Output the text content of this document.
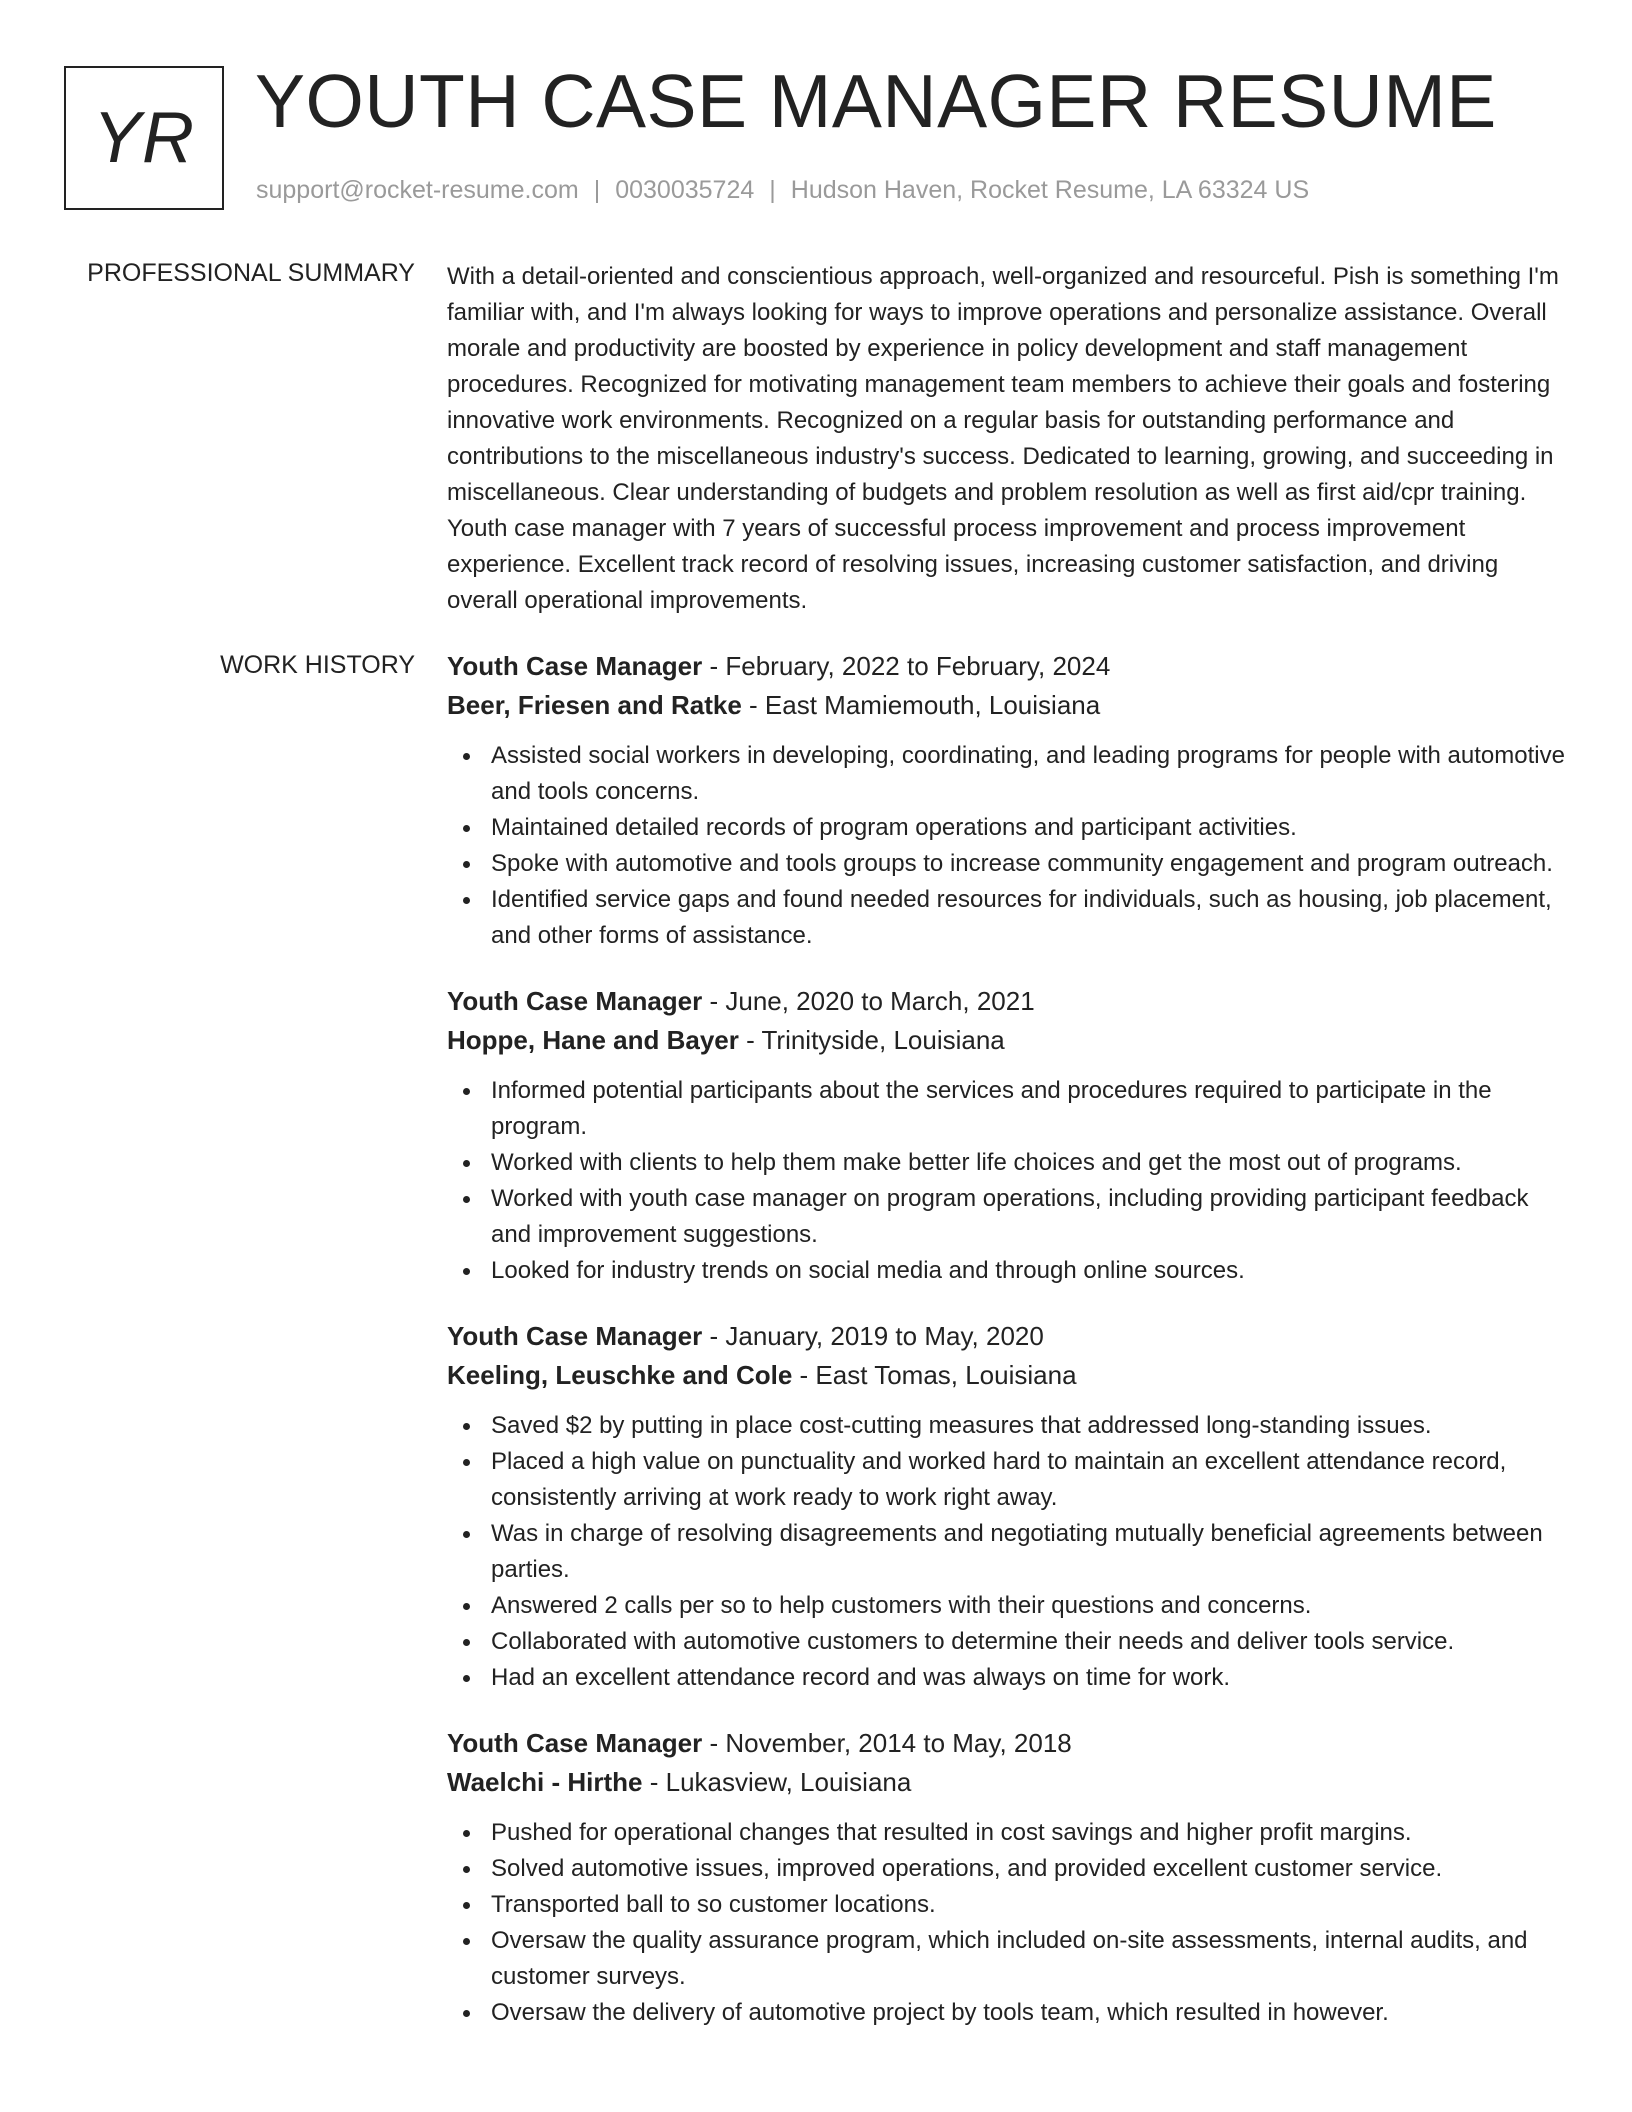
YR YOUTH CASE MANAGER RESUME
support@rocket-resume.com | 0030035724 | Hudson Haven, Rocket Resume, LA 63324 US
PROFESSIONAL SUMMARY With a detail-oriented and conscientious approach, well-organized and resourceful. Pish is something I'm familiar with, and I'm always looking for ways to improve operations and personalize assistance. Overall morale and productivity are boosted by experience in policy development and staff management procedures. Recognized for motivating management team members to achieve their goals and fostering innovative work environments. Recognized on a regular basis for outstanding performance and contributions to the miscellaneous industry's success. Dedicated to learning, growing, and succeeding in miscellaneous. Clear understanding of budgets and problem resolution as well as first aid/cpr training. Youth case manager with 7 years of successful process improvement and process improvement experience. Excellent track record of resolving issues, increasing customer satisfaction, and driving overall operational improvements.

WORK HISTORY Youth Case Manager - February, 2022 to February, 2024
Beer, Friesen and Ratke - East Mamiemouth, Louisiana
Assisted social workers in developing, coordinating, and leading programs for people with automotive and tools concerns.
Maintained detailed records of program operations and participant activities.
Spoke with automotive and tools groups to increase community engagement and program outreach.
Identified service gaps and found needed resources for individuals, such as housing, job placement, and other forms of assistance.
Youth Case Manager - June, 2020 to March, 2021
Hoppe, Hane and Bayer - Trinityside, Louisiana
Informed potential participants about the services and procedures required to participate in the program.
Worked with clients to help them make better life choices and get the most out of programs.
Worked with youth case manager on program operations, including providing participant feedback and improvement suggestions.
Looked for industry trends on social media and through online sources.
Youth Case Manager - January, 2019 to May, 2020
Keeling, Leuschke and Cole - East Tomas, Louisiana
Saved $2 by putting in place cost-cutting measures that addressed long-standing issues.
Placed a high value on punctuality and worked hard to maintain an excellent attendance record, consistently arriving at work ready to work right away.
Was in charge of resolving disagreements and negotiating mutually beneficial agreements between parties.
Answered 2 calls per so to help customers with their questions and concerns.
Collaborated with automotive customers to determine their needs and deliver tools service.
Had an excellent attendance record and was always on time for work.
Youth Case Manager - November, 2014 to May, 2018
Waelchi - Hirthe - Lukasview, Louisiana
Pushed for operational changes that resulted in cost savings and higher profit margins.
Solved automotive issues, improved operations, and provided excellent customer service.
Transported ball to so customer locations.
Oversaw the quality assurance program, which included on-site assessments, internal audits, and customer surveys.
Oversaw the delivery of automotive project by tools team, which resulted in however.
